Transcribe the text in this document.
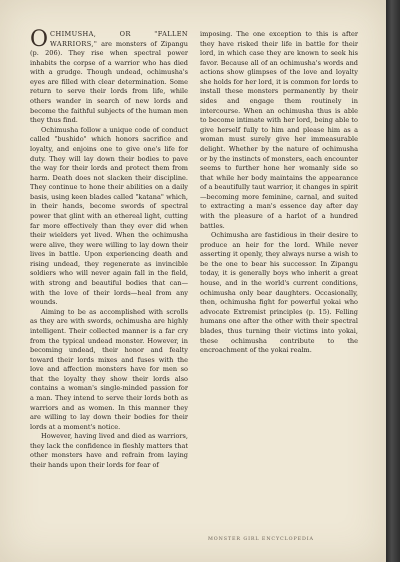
OCHIMUSHA, OR "FALLEN WARRIORS," are monsters of Zipangu (p. 206). They rise when spectral power inhabits the corpse of a warrior who has died with a grudge. Though undead, ochimusha's eyes are filled with clear determination. Some return to serve their lords from life, while others wander in search of new lords and become the faithful subjects of the human men they thus find.

Ochimusha follow a unique code of conduct called "bushido" which honors sacrifice and loyalty, and enjoins one to give one's life for duty. They will lay down their bodies to pave the way for their lords and protect them from harm. Death does not slacken their discipline. They continue to hone their abilities on a daily basis, using keen blades called "katana" which, in their hands, become swords of spectral power that glint with an ethereal light, cutting far more effectively than they ever did when their wielders yet lived. When the ochimusha were alive, they were willing to lay down their lives in battle. Upon experiencing death and rising undead, they regenerate as invincible soldiers who will never again fall in the field, with strong and beautiful bodies that can—with the love of their lords—heal from any wounds.

Aiming to be as accomplished with scrolls as they are with swords, ochimusha are highly intelligent. Their collected manner is a far cry from the typical undead monster. However, in becoming undead, their honor and fealty toward their lords mixes and fuses with the love and affection monsters have for men so that the loyalty they show their lords also contains a woman's single-minded passion for a man. They intend to serve their lords both as warriors and as women. In this manner they are willing to lay down their bodies for their lords at a moment's notice.

However, having lived and died as warriors, they lack the confidence in fleshly matters that other monsters have and refrain from laying their hands upon their lords for fear of

imposing. The one exception to this is after they have risked their life in battle for their lord, in which case they are known to seek his favor. Because all of an ochimusha's words and actions show glimpses of the love and loyalty she holds for her lord, it is common for lords to install these monsters permanently by their sides and engage them routinely in intercourse. When an ochimusha thus is able to become intimate with her lord, being able to give herself fully to him and please him as a woman must surely give her immeasurable delight. Whether by the nature of ochimusha or by the instincts of monsters, each encounter seems to further hone her womanly side so that while her body maintains the appearance of a beautifully taut warrior, it changes in spirit—becoming more feminine, carnal, and suited to extracting a man's essence day after day with the pleasure of a harlot of a hundred battles.

Ochimusha are fastidious in their desire to produce an heir for the lord. While never asserting it openly, they always nurse a wish to be the one to bear his successor. In Zipangu today, it is generally boys who inherit a great house, and in the world's current conditions, ochimusha only bear daughters. Occasionally, then, ochimusha fight for powerful yokai who advocate Extremist principles (p. 15). Felling humans one after the other with their spectral blades, thus turning their victims into yokai, these ochimusha contribute to the encroachment of the yokai realm.

MONSTER GIRL ENCYCLOPEDIA
